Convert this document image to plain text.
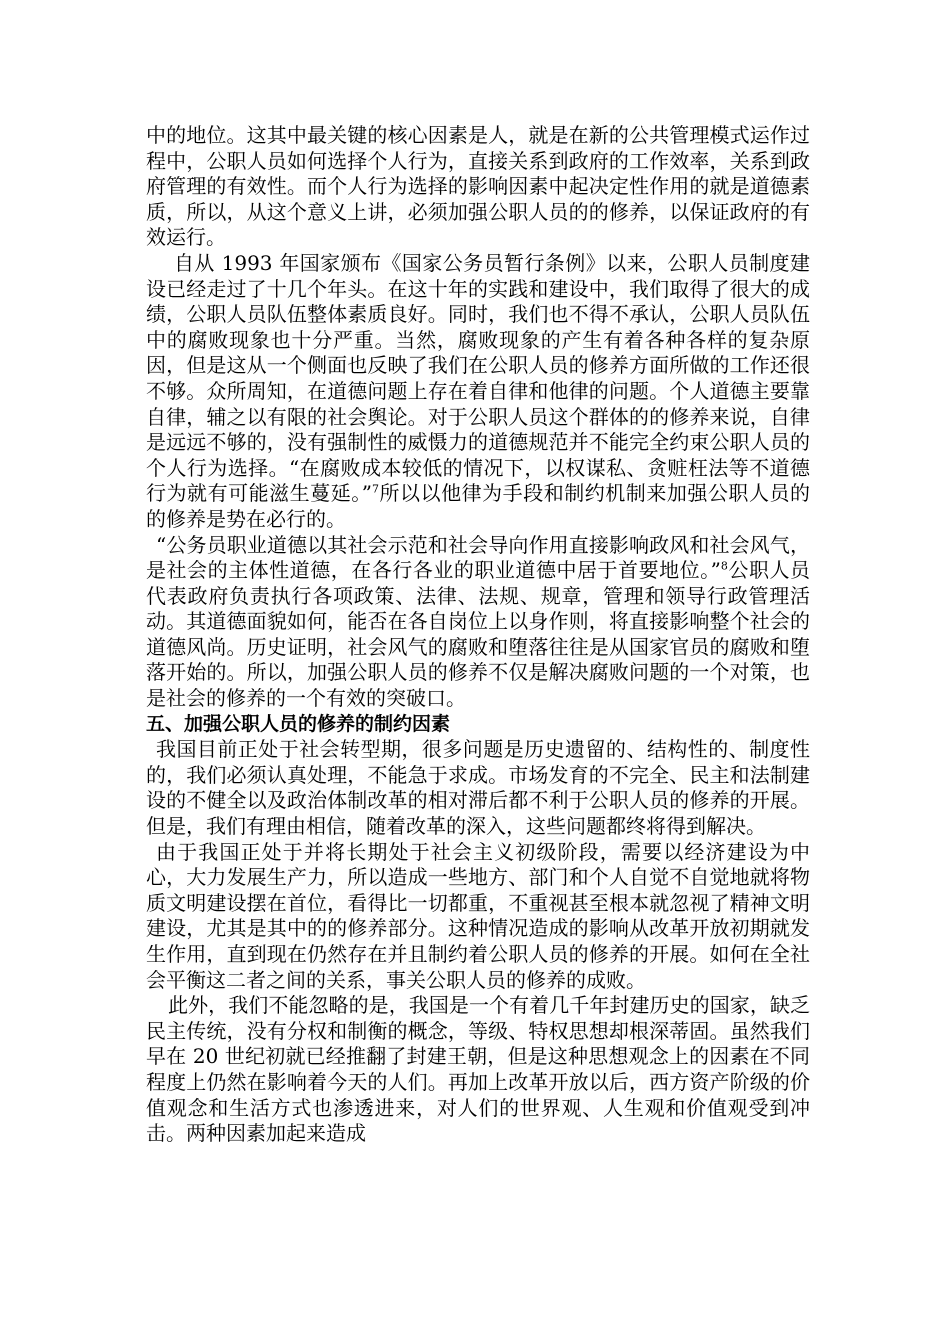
中的地位。这其中最关键的核心因素是人，就是在新的公共管理模式运作过程中，公职人员如何选择个人行为，直接关系到政府的工作效率，关系到政府管理的有效性。而个人行为选择的影响因素中起决定性作用的就是道德素质，所以，从这个意义上讲，必须加强公职人员的的修养，以保证政府的有效运行。

自从 1993 年国家颁布《国家公务员暂行条例》以来，公职人员制度建设已经走过了十几个年头。在这十年的实践和建设中，我们取得了很大的成绩，公职人员队伍整体素质良好。同时，我们也不得不承认，公职人员队伍中的腐败现象也十分严重。当然，腐败现象的产生有着各种各样的复杂原因，但是这从一个侧面也反映了我们在公职人员的修养方面所做的工作还很不够。众所周知，在道德问题上存在着自律和他律的问题。个人道德主要靠自律，辅之以有限的社会舆论。对于公职人员这个群体的的修养来说，自律是远远不够的，没有强制性的威慑力的道德规范并不能完全约束公职人员的个人行为选择。“在腐败成本较低的情况下，以权谋私、贪赃枉法等不道德行为就有可能滋生蔓延。”$^7$所以以他律为手段和制约机制来加强公职人员的的修养是势在必行的。

“公务员职业道德以其社会示范和社会导向作用直接影响政风和社会风气，是社会的主体性道德，在各行各业的职业道德中居于首要地位。”$^8$公职人员代表政府负责执行各项政策、法律、法规、规章，管理和领导行政管理活动。其道德面貌如何，能否在各自岗位上以身作则，将直接影响整个社会的道德风尚。历史证明，社会风气的腐败和堕落往往是从国家官员的腐败和堕落开始的。所以，加强公职人员的修养不仅是解决腐败问题的一个对策，也是社会的修养的一个有效的突破口。

五、加强公职人员的修养的制约因素

我国目前正处于社会转型期，很多问题是历史遗留的、结构性的、制度性的，我们必须认真处理，不能急于求成。市场发育的不完全、民主和法制建设的不健全以及政治体制改革的相对滞后都不利于公职人员的修养的开展。但是，我们有理由相信，随着改革的深入，这些问题都终将得到解决。

由于我国正处于并将长期处于社会主义初级阶段，需要以经济建设为中心，大力发展生产力，所以造成一些地方、部门和个人自觉不自觉地就将物质文明建设摆在首位，看得比一切都重，不重视甚至根本就忽视了精神文明建设，尤其是其中的的修养部分。这种情况造成的影响从改革开放初期就发生作用，直到现在仍然存在并且制约着公职人员的修养的开展。如何在全社会平衡这二者之间的关系，事关公职人员的修养的成败。

此外，我们不能忽略的是，我国是一个有着几千年封建历史的国家，缺乏民主传统，没有分权和制衡的概念，等级、特权思想却根深蒂固。虽然我们早在 20 世纪初就已经推翻了封建王朝，但是这种思想观念上的因素在不同程度上仍然在影响着今天的人们。再加上改革开放以后，西方资产阶级的价值观念和生活方式也渗透进来，对人们的世界观、人生观和价值观受到冲击。两种因素加起来造成
